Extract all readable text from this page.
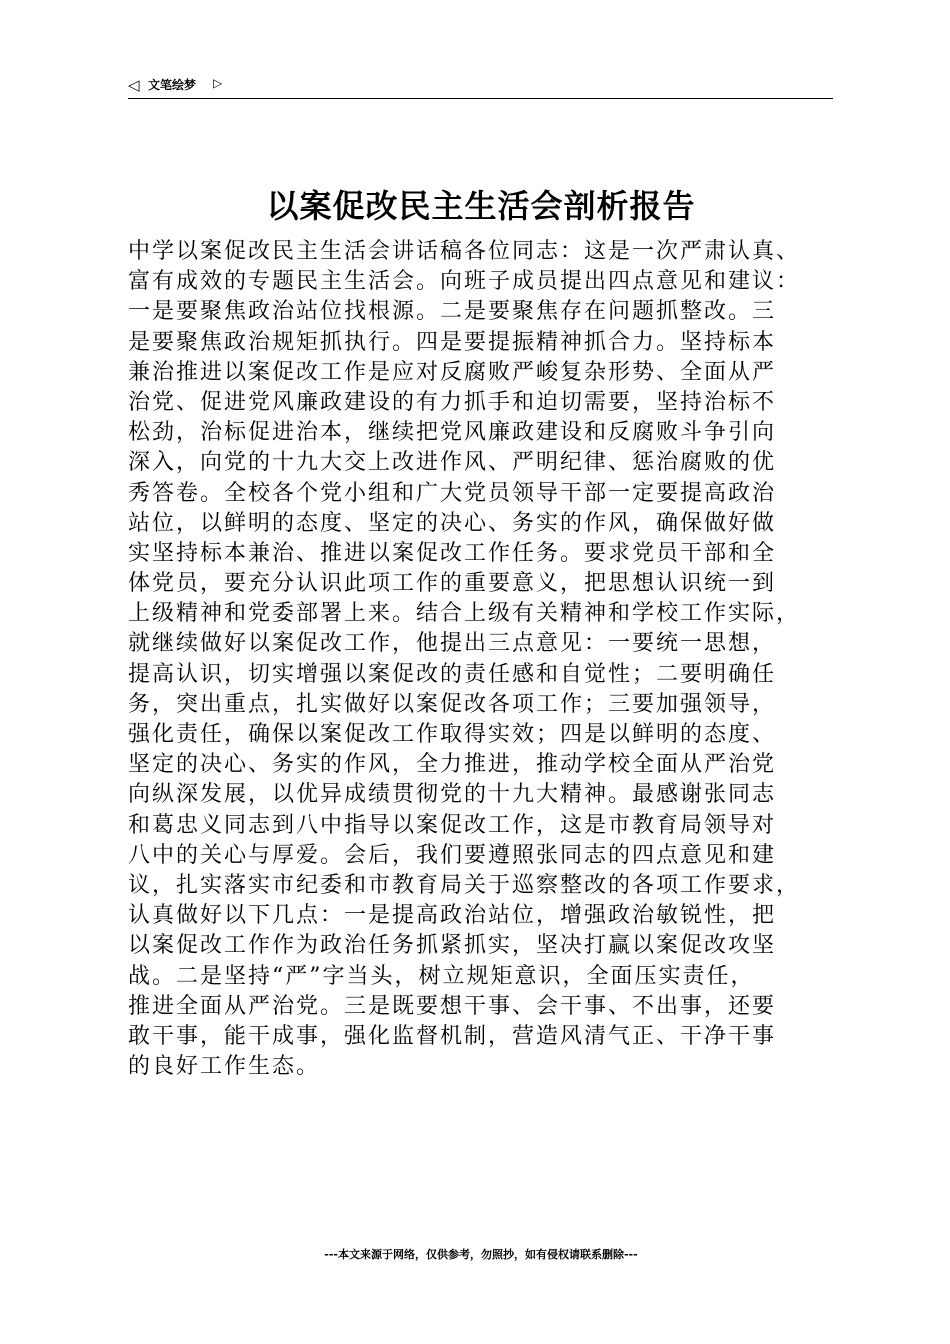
◁ 文笔绘梦 ▷
以案促改民主生活会剖析报告
中学以案促改民主生活会讲话稿各位同志：这是一次严肃认真、
富有成效的专题民主生活会。向班子成员提出四点意见和建议：
一是要聚焦政治站位找根源。二是要聚焦存在问题抓整改。三
是要聚焦政治规矩抓执行。四是要提振精神抓合力。坚持标本
兼治推进以案促改工作是应对反腐败严峻复杂形势、全面从严
治党、促进党风廉政建设的有力抓手和迫切需要，坚持治标不
松劲，治标促进治本，继续把党风廉政建设和反腐败斗争引向
深入，向党的十九大交上改进作风、严明纪律、惩治腐败的优
秀答卷。全校各个党小组和广大党员领导干部一定要提高政治
站位，以鲜明的态度、坚定的决心、务实的作风，确保做好做
实坚持标本兼治、推进以案促改工作任务。要求党员干部和全
体党员，要充分认识此项工作的重要意义，把思想认识统一到
上级精神和党委部署上来。结合上级有关精神和学校工作实际，
就继续做好以案促改工作，他提出三点意见：一要统一思想，
提高认识，切实增强以案促改的责任感和自觉性；二要明确任
务，突出重点，扎实做好以案促改各项工作；三要加强领导，
强化责任，确保以案促改工作取得实效；四是以鲜明的态度、
坚定的决心、务实的作风，全力推进，推动学校全面从严治党
向纵深发展，以优异成绩贯彻党的十九大精神。最感谢张同志
和葛忠义同志到八中指导以案促改工作，这是市教育局领导对
八中的关心与厚爱。会后，我们要遵照张同志的四点意见和建
议，扎实落实市纪委和市教育局关于巡察整改的各项工作要求，
认真做好以下几点：一是提高政治站位，增强政治敏锐性，把
以案促改工作作为政治任务抓紧抓实，坚决打赢以案促改攻坚
战。二是坚持“严”字当头，树立规矩意识，全面压实责任，
推进全面从严治党。三是既要想干事、会干事、不出事，还要
敢干事，能干成事，强化监督机制，营造风清气正、干净干事
的良好工作生态。
---本文来源于网络，仅供参考，勿照抄，如有侵权请联系删除---
